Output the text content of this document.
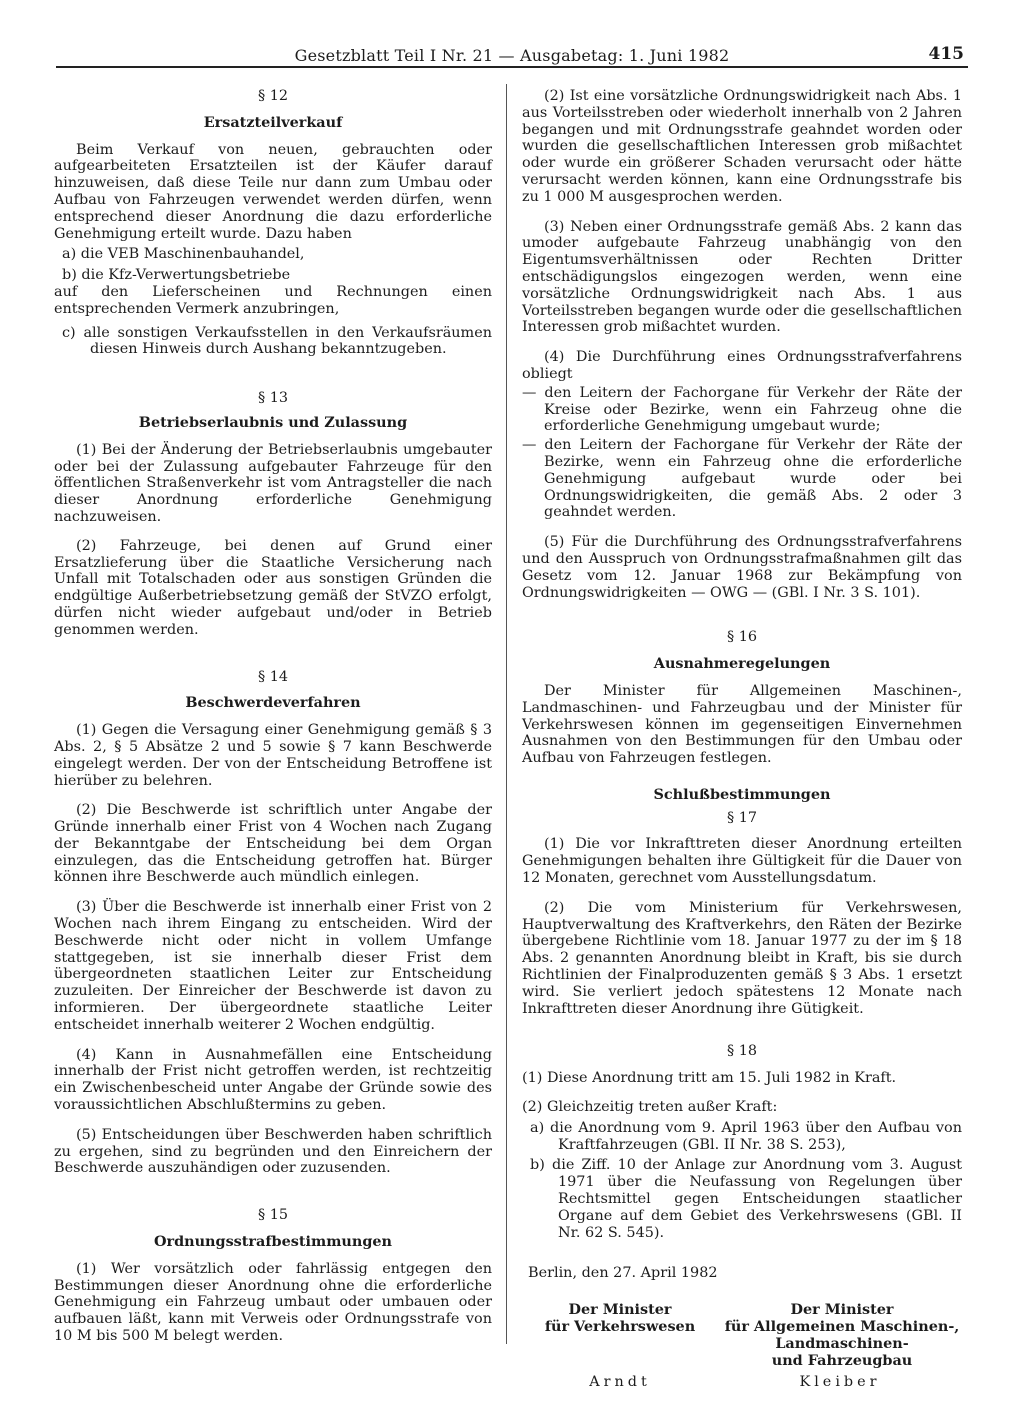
Gesetzblatt Teil I Nr. 21 — Ausgabetag: 1. Juni 1982	415
§ 12
Ersatzteilverkauf

Beim Verkauf von neuen, gebrauchten oder aufgearbeiteten Ersatzteilen ist der Käufer darauf hinzuweisen, daß diese Teile nur dann zum Umbau oder Aufbau von Fahrzeugen verwendet werden dürfen, wenn entsprechend dieser Anordnung die dazu erforderliche Genehmigung erteilt wurde. Dazu haben

a) die VEB Maschinenbauhandel,

b) die Kfz-Verwertungsbetriebe

auf den Lieferscheinen und Rechnungen einen entsprechenden Vermerk anzubringen,

c) alle sonstigen Verkaufsstellen in den Verkaufsräumen diesen Hinweis durch Aushang bekanntzugeben.

§ 13
Betriebserlaubnis und Zulassung

(1) Bei der Änderung der Betriebserlaubnis umgebauter oder bei der Zulassung aufgebauter Fahrzeuge für den öffentlichen Straßenverkehr ist vom Antragsteller die nach dieser Anordnung erforderliche Genehmigung nachzuweisen.

(2) Fahrzeuge, bei denen auf Grund einer Ersatzlieferung über die Staatliche Versicherung nach Unfall mit Totalschaden oder aus sonstigen Gründen die endgültige Außerbetriebsetzung gemäß der StVZO erfolgt, dürfen nicht wieder aufgebaut und/oder in Betrieb genommen werden.

§ 14
Beschwerdeverfahren

(1) Gegen die Versagung einer Genehmigung gemäß § 3 Abs. 2, § 5 Absätze 2 und 5 sowie § 7 kann Beschwerde eingelegt werden. Der von der Entscheidung Betroffene ist hierüber zu belehren.

(2) Die Beschwerde ist schriftlich unter Angabe der Gründe innerhalb einer Frist von 4 Wochen nach Zugang der Bekanntgabe der Entscheidung bei dem Organ einzulegen, das die Entscheidung getroffen hat. Bürger können ihre Beschwerde auch mündlich einlegen.

(3) Über die Beschwerde ist innerhalb einer Frist von 2 Wochen nach ihrem Eingang zu entscheiden. Wird der Beschwerde nicht oder nicht in vollem Umfange stattgegeben, ist sie innerhalb dieser Frist dem übergeordneten staatlichen Leiter zur Entscheidung zuzuleiten. Der Einreicher der Beschwerde ist davon zu informieren. Der übergeordnete staatliche Leiter entscheidet innerhalb weiterer 2 Wochen endgültig.

(4) Kann in Ausnahmefällen eine Entscheidung innerhalb der Frist nicht getroffen werden, ist rechtzeitig ein Zwischenbescheid unter Angabe der Gründe sowie des voraussichtlichen Abschlußtermins zu geben.

(5) Entscheidungen über Beschwerden haben schriftlich zu ergehen, sind zu begründen und den Einreichern der Beschwerde auszuhändigen oder zuzusenden.

§ 15
Ordnungsstrafbestimmungen

(1) Wer vorsätzlich oder fahrlässig entgegen den Bestimmungen dieser Anordnung ohne die erforderliche Genehmigung ein Fahrzeug umbaut oder umbauen oder aufbauen läßt, kann mit Verweis oder Ordnungsstrafe von 10 M bis 500 M belegt werden.

(2) Ist eine vorsätzliche Ordnungswidrigkeit nach Abs. 1 aus Vorteilsstreben oder wiederholt innerhalb von 2 Jahren begangen und mit Ordnungsstrafe geahndet worden oder wurden die gesellschaftlichen Interessen grob mißachtet oder wurde ein größerer Schaden verursacht oder hätte verursacht werden können, kann eine Ordnungsstrafe bis zu 1 000 M ausgesprochen werden.

(3) Neben einer Ordnungsstrafe gemäß Abs. 2 kann das umoder aufgebaute Fahrzeug unabhängig von den Eigentumsverhältnissen oder Rechten Dritter entschädigungslos eingezogen werden, wenn eine vorsätzliche Ordnungswidrigkeit nach Abs. 1 aus Vorteilsstreben begangen wurde oder die gesellschaftlichen Interessen grob mißachtet wurden.

(4) Die Durchführung eines Ordnungsstrafverfahrens obliegt

— den Leitern der Fachorgane für Verkehr der Räte der Kreise oder Bezirke, wenn ein Fahrzeug ohne die erforderliche Genehmigung umgebaut wurde;

— den Leitern der Fachorgane für Verkehr der Räte der Bezirke, wenn ein Fahrzeug ohne die erforderliche Genehmigung aufgebaut wurde oder bei Ordnungswidrigkeiten, die gemäß Abs. 2 oder 3 geahndet werden.

(5) Für die Durchführung des Ordnungsstrafverfahrens und den Ausspruch von Ordnungsstrafmaßnahmen gilt das Gesetz vom 12. Januar 1968 zur Bekämpfung von Ordnungswidrigkeiten — OWG — (GBl. I Nr. 3 S. 101).

§ 16
Ausnahmeregelungen

Der Minister für Allgemeinen Maschinen-, Landmaschinen- und Fahrzeugbau und der Minister für Verkehrswesen können im gegenseitigen Einvernehmen Ausnahmen von den Bestimmungen für den Umbau oder Aufbau von Fahrzeugen festlegen.

Schlußbestimmungen
§ 17

(1) Die vor Inkrafttreten dieser Anordnung erteilten Genehmigungen behalten ihre Gültigkeit für die Dauer von 12 Monaten, gerechnet vom Ausstellungsdatum.

(2) Die vom Ministerium für Verkehrswesen, Hauptverwaltung des Kraftverkehrs, den Räten der Bezirke übergebene Richtlinie vom 18. Januar 1977 zu der im § 18 Abs. 2 genannten Anordnung bleibt in Kraft, bis sie durch Richtlinien der Finalproduzenten gemäß § 3 Abs. 1 ersetzt wird. Sie verliert jedoch spätestens 12 Monate nach Inkrafttreten dieser Anordnung ihre Gütigkeit.

§ 18

(1) Diese Anordnung tritt am 15. Juli 1982 in Kraft.

(2) Gleichzeitig treten außer Kraft:

a) die Anordnung vom 9. April 1963 über den Aufbau von Kraftfahrzeugen (GBl. II Nr. 38 S. 253),

b) die Ziff. 10 der Anlage zur Anordnung vom 3. August 1971 über die Neufassung von Regelungen über Rechtsmittel gegen Entscheidungen staatlicher Organe auf dem Gebiet des Verkehrswesens (GBl. II Nr. 62 S. 545).

Berlin, den 27. April 1982

Der Minister
für Verkehrswesen
Der Minister
für Allgemeinen Maschinen-,
Landmaschinen-
und Fahrzeugbau
Arndt	Kleiber
